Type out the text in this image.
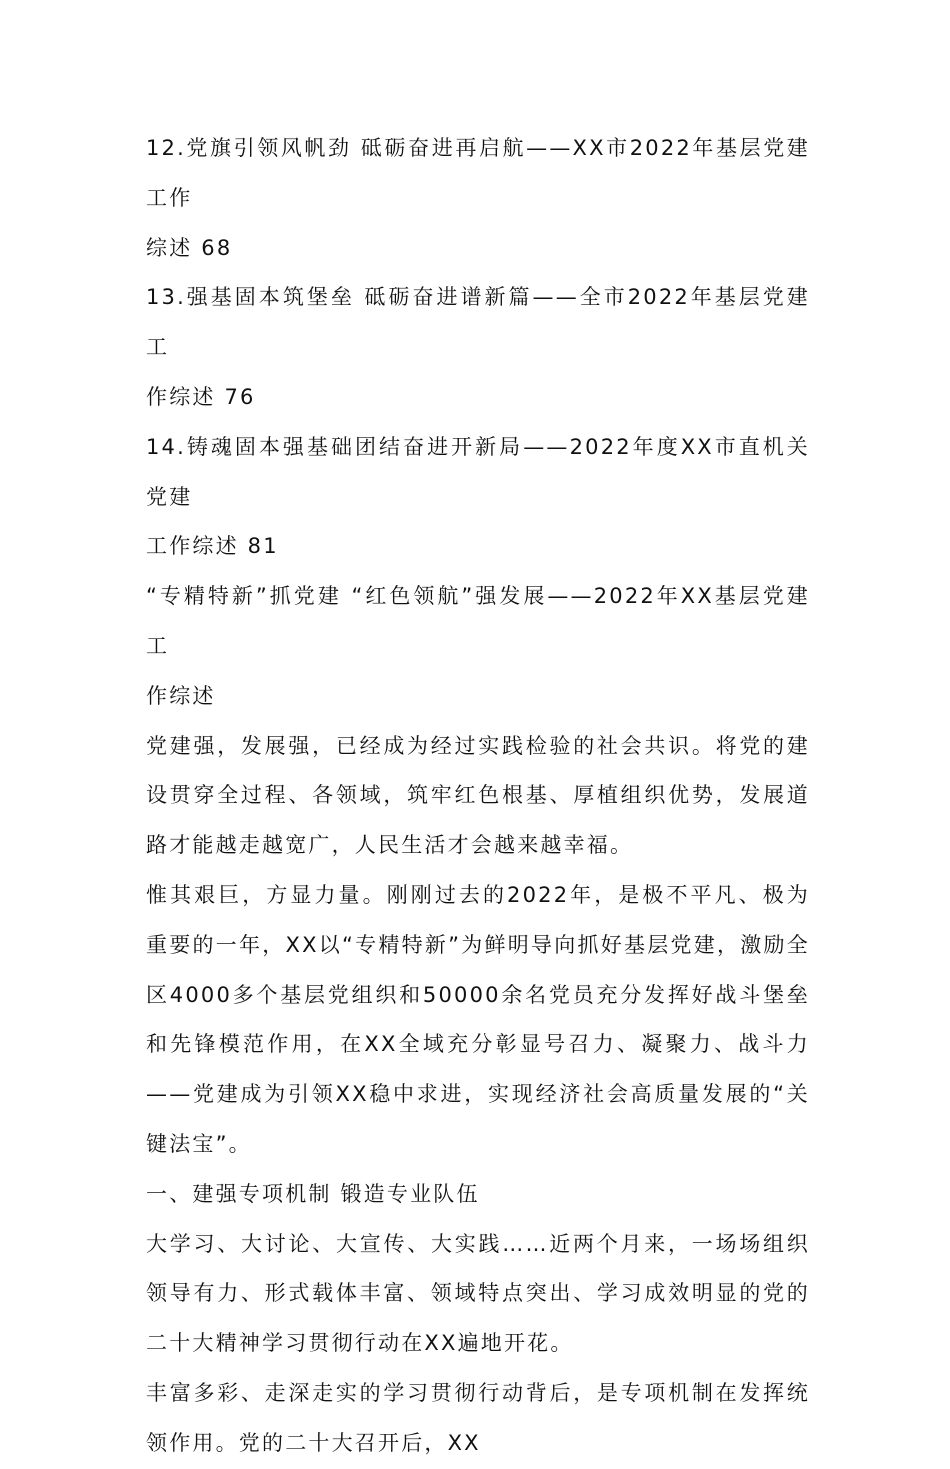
12.党旗引领风帆劲 砥砺奋进再启航——XX市2022年基层党建工作
综述 68
13.强基固本筑堡垒 砥砺奋进谱新篇——全市2022年基层党建工
作综述 76
14.铸魂固本强基础团结奋进开新局——2022年度XX市直机关党建
工作综述 81
“专精特新”抓党建 “红色领航”强发展——2022年XX基层党建工
作综述

党建强，发展强，已经成为经过实践检验的社会共识。将党的建设贯穿全过程、各领域，筑牢红色根基、厚植组织优势，发展道路才能越走越宽广，人民生活才会越来越幸福。

惟其艰巨，方显力量。刚刚过去的2022年，是极不平凡、极为重要的一年，XX以“专精特新”为鲜明导向抓好基层党建，激励全区4000多个基层党组织和50000余名党员充分发挥好战斗堡垒和先锋模范作用，在XX全域充分彰显号召力、凝聚力、战斗力——党建成为引领XX稳中求进，实现经济社会高质量发展的“关键法宝”。

一、建强专项机制 锻造专业队伍

大学习、大讨论、大宣传、大实践……近两个月来，一场场组织领导有力、形式载体丰富、领域特点突出、学习成效明显的党的二十大精神学习贯彻行动在XX遍地开花。

丰富多彩、走深走实的学习贯彻行动背后，是专项机制在发挥统领作用。党的二十大召开后，XX
